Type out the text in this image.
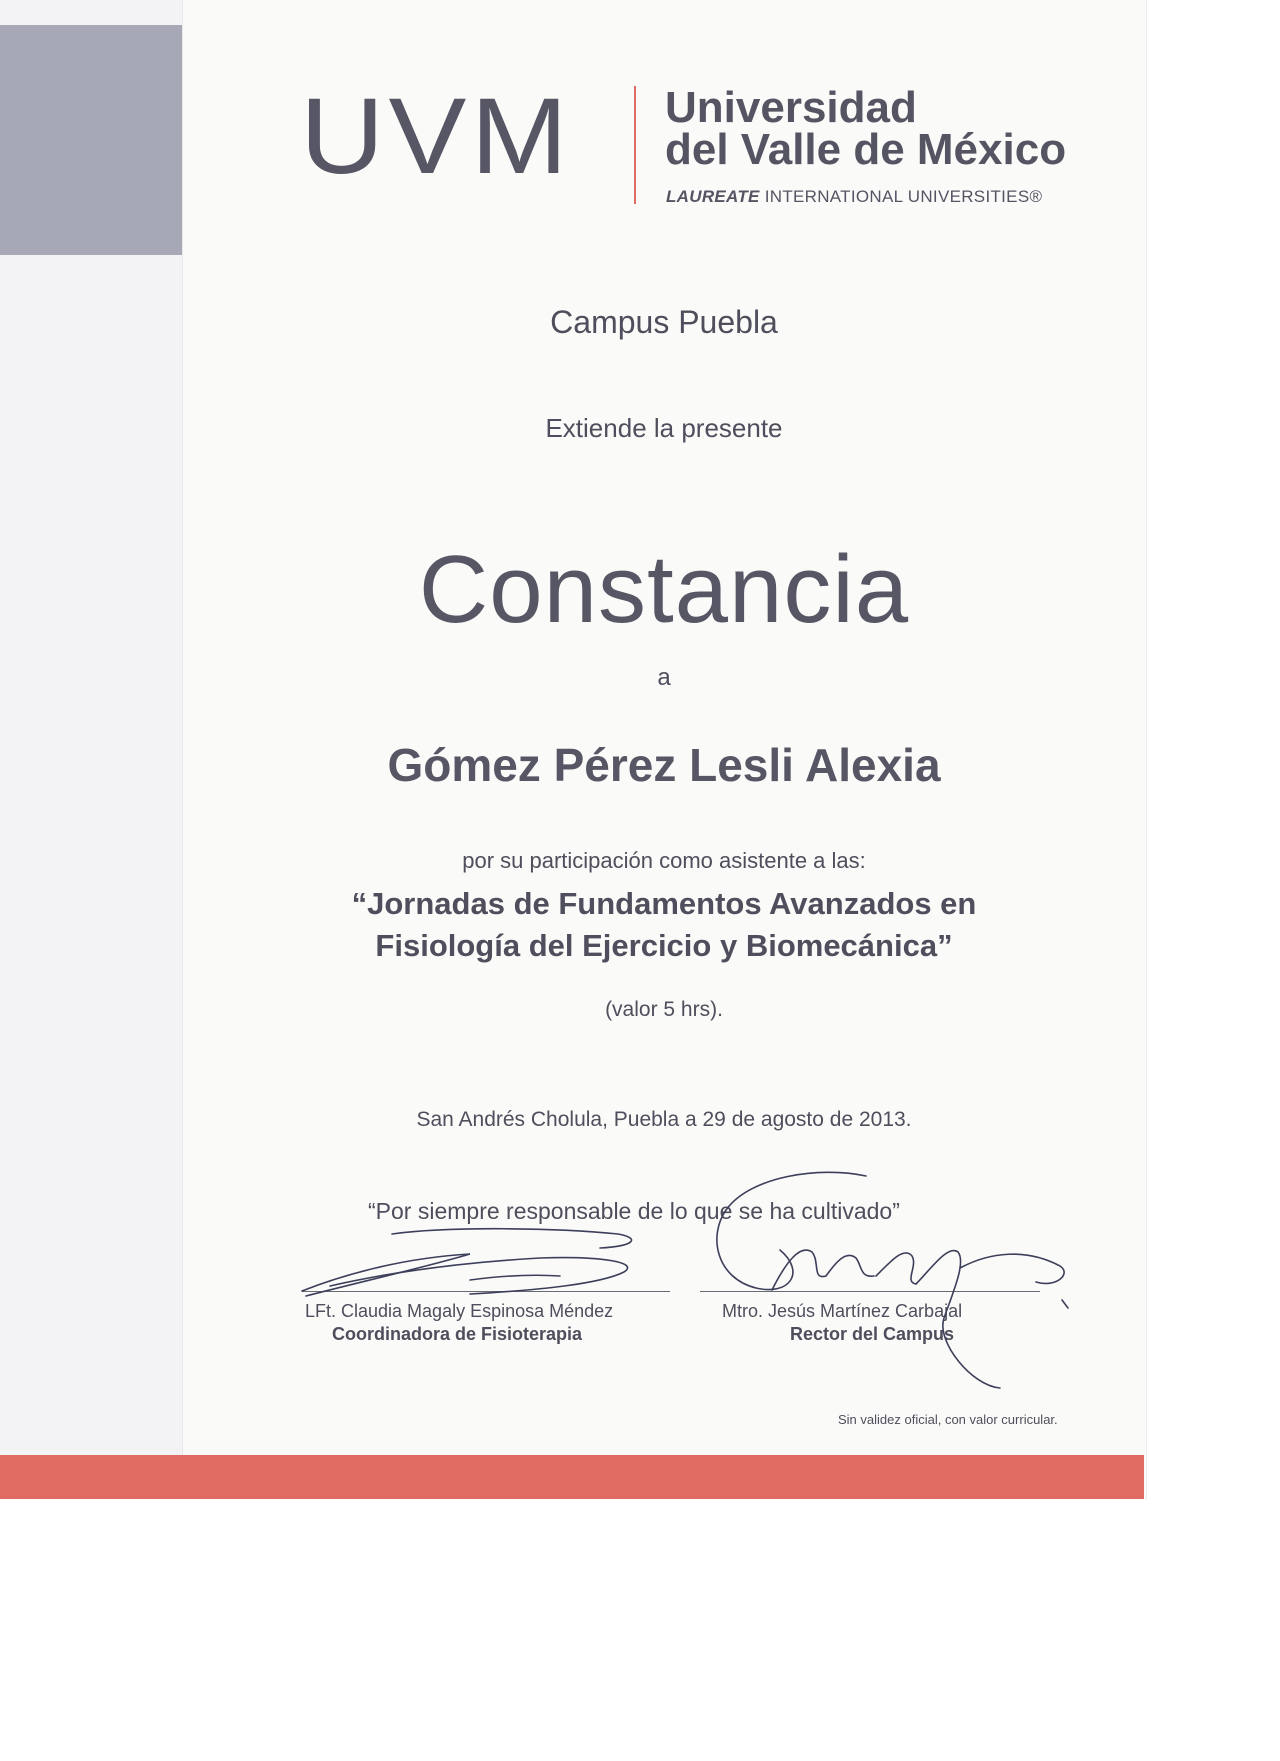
UVM Universidad
del Valle de México
LAUREATE INTERNATIONAL UNIVERSITIES®
Campus Puebla
Extiende la presente
Constancia
a
Gómez Pérez Lesli Alexia
por su participación como asistente a las:
“Jornadas de Fundamentos Avanzados en
Fisiología del Ejercicio y Biomecánica”
(valor 5 hrs).
San Andrés Cholula, Puebla a 29 de agosto de 2013.
“Por siempre responsable de lo que se ha cultivado”
LFt. Claudia Magaly Espinosa Méndez
Coordinadora de Fisioterapia
Mtro. Jesús Martínez Carbajal
Rector del Campus
Sin validez oficial, con valor curricular.
